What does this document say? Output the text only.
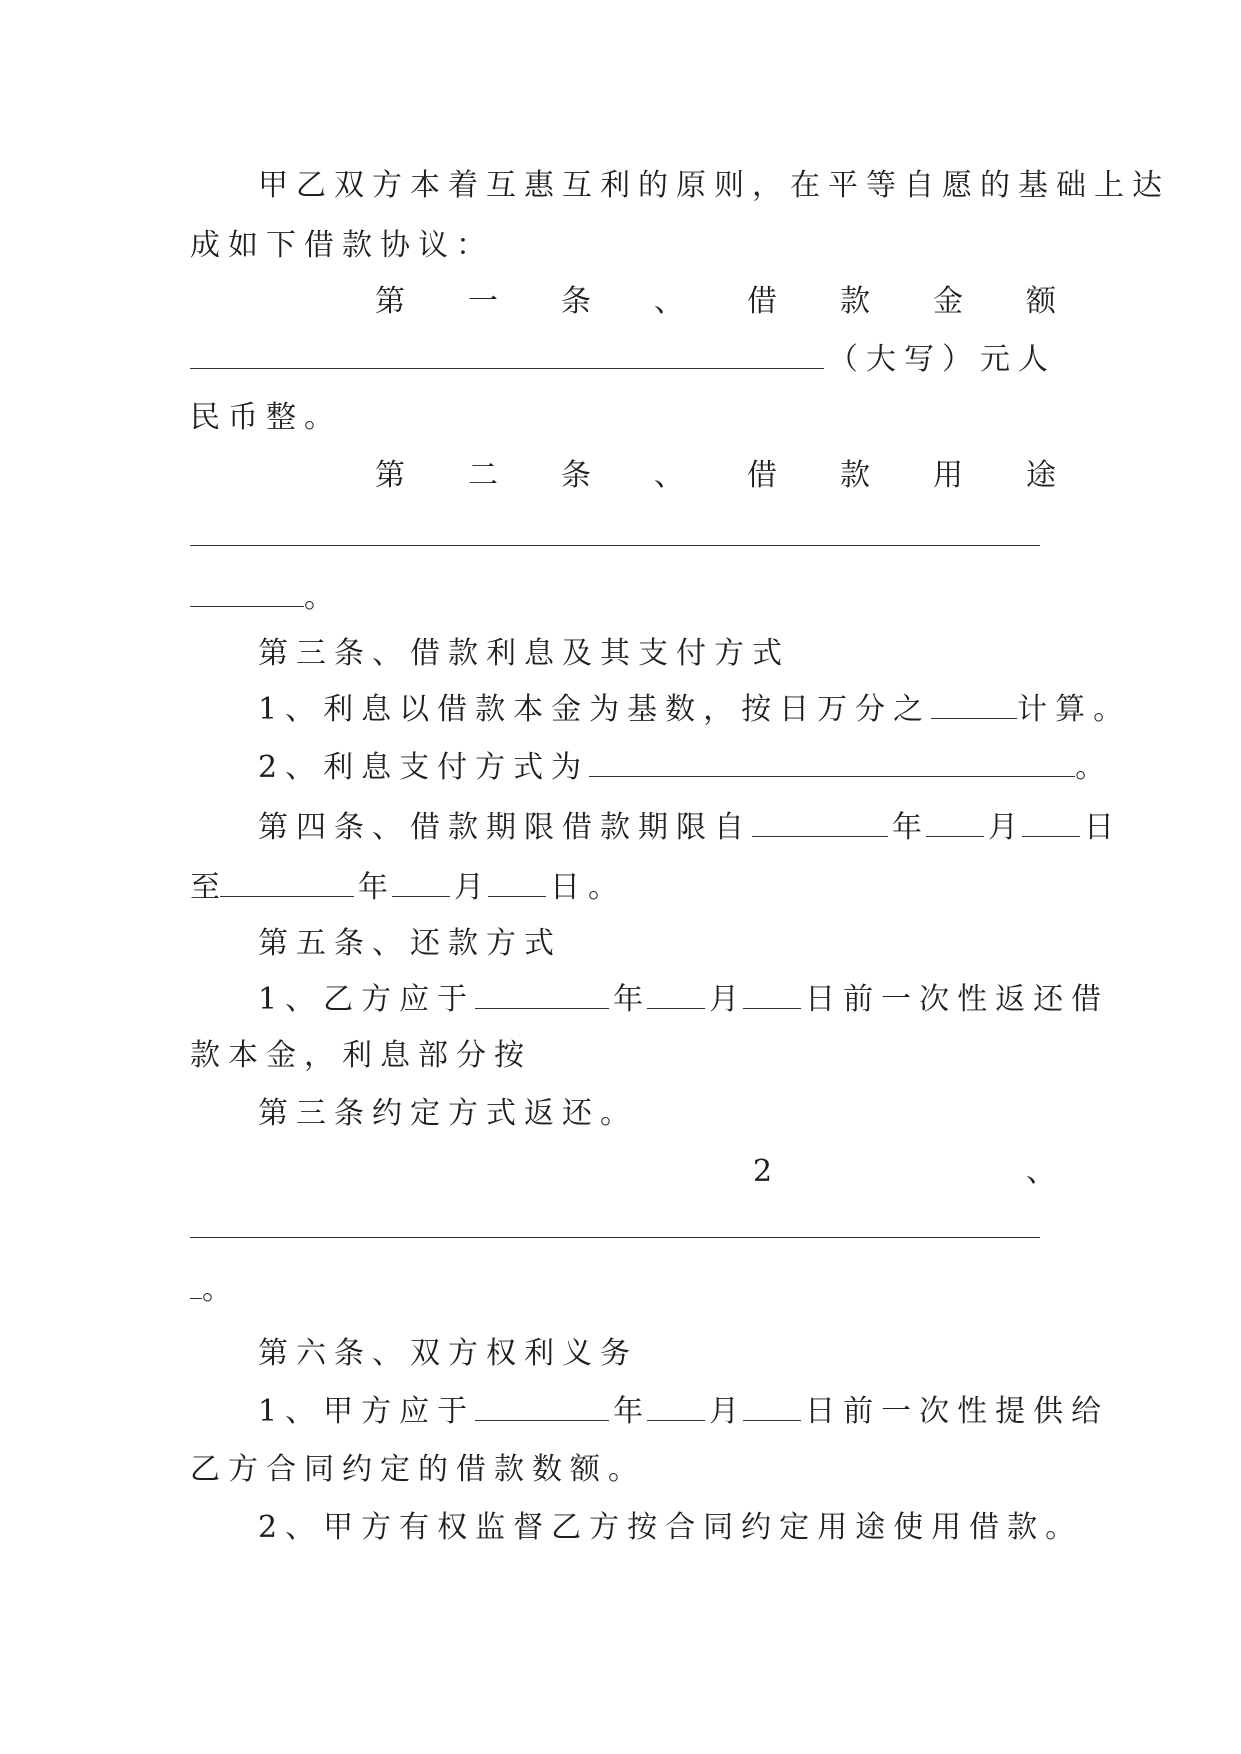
甲乙双方本着互惠互利的原则，在平等自愿的基础上达
成如下借款协议：
第 一 条 、 借 款 金 额
（大写）元人
民币整。
第 二 条 、 借 款 用 途
。
第三条、借款利息及其支付方式
1、利息以借款本金为基数，按日万分之	计算。
2、利息支付方式为	。
第四条、借款期限借款期限自	年 月 日
至	年 月 日。
第五条、还款方式
1、乙方应于	年 月 日前一次性返还借
款本金，利息部分按
第三条约定方式返还。
2	、
。
第六条、双方权利义务
1、甲方应于	年 月 日前一次性提供给
乙方合同约定的借款数额。
2、甲方有权监督乙方按合同约定用途使用借款。
